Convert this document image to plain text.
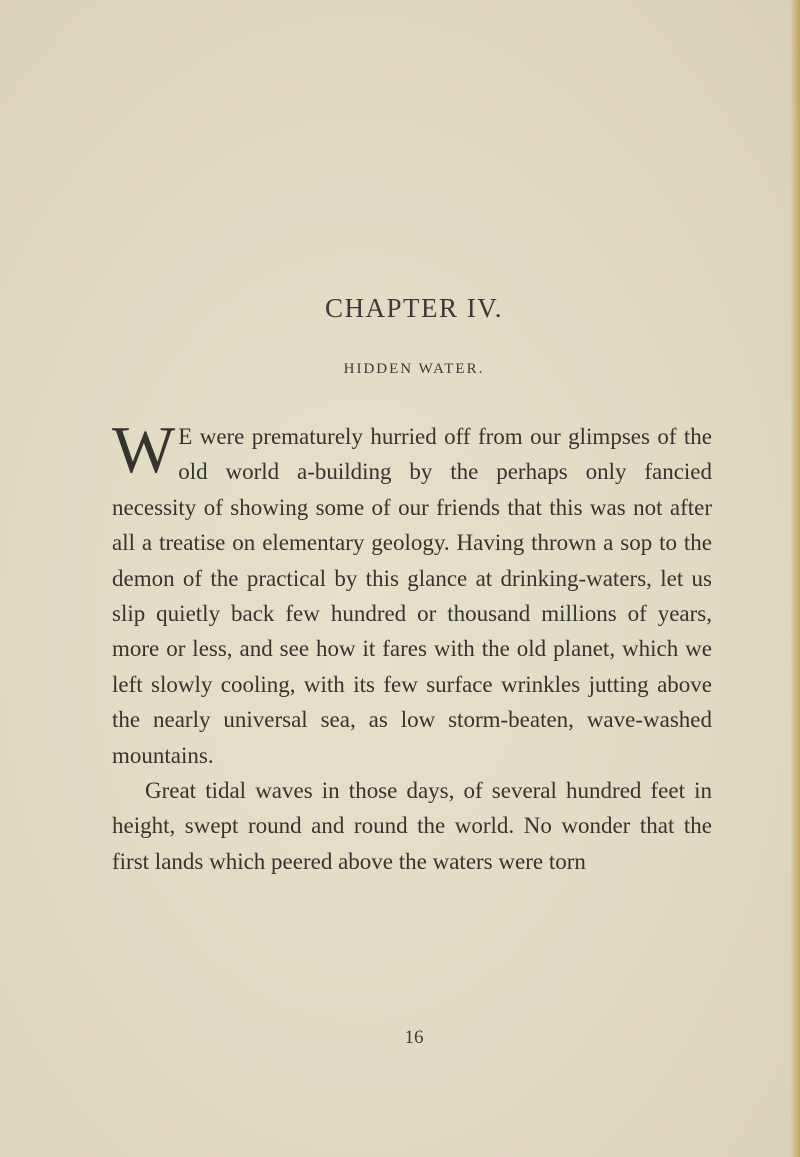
CHAPTER IV.
HIDDEN WATER.

W E were prematurely hurried off from our glimpses of the old world a-building by the perhaps only fancied necessity of showing some of our friends that this was not after all a treatise on elementary geology. Having thrown a sop to the demon of the practical by this glance at drinking-waters, let us slip quietly back few hundred or thousand millions of years, more or less, and see how it fares with the old planet, which we left slowly cooling, with its few surface wrinkles jutting above the nearly universal sea, as low storm-beaten, wave-washed mountains.

Great tidal waves in those days, of several hundred feet in height, swept round and round the world. No wonder that the first lands which peered above the waters were torn

16
